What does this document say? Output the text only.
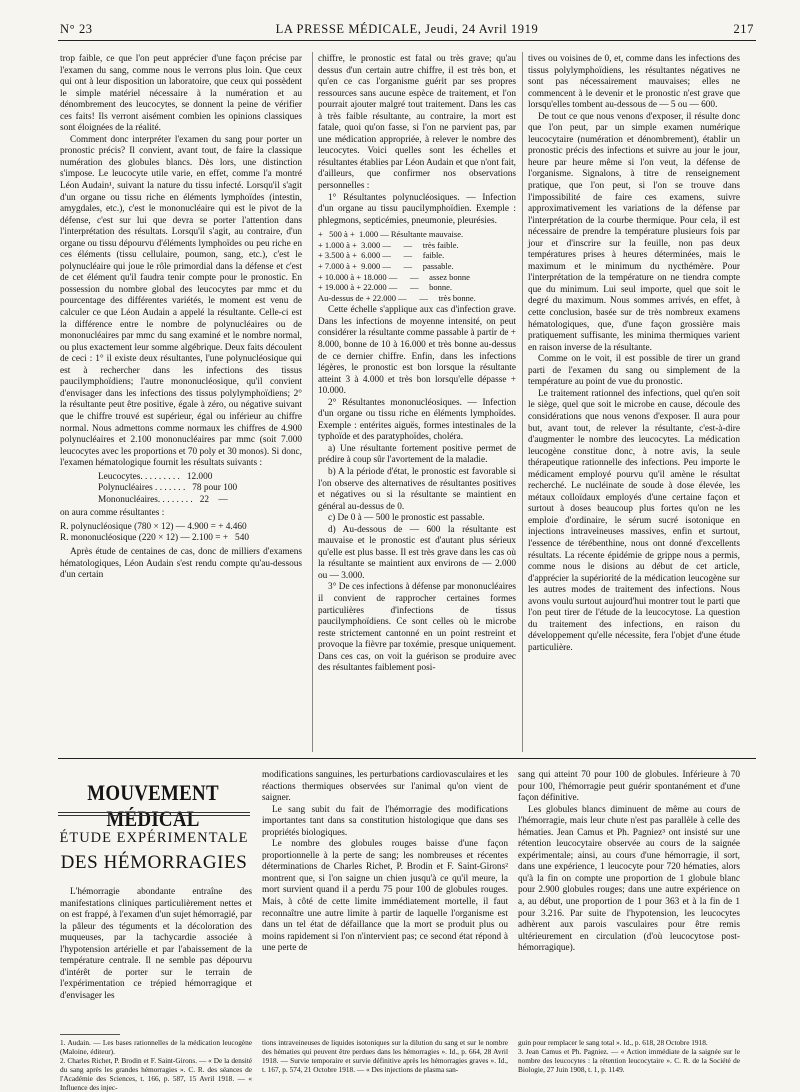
N° 23	LA PRESSE MÉDICALE, Jeudi, 24 Avril 1919	217

trop faible, ce que l'on peut apprécier d'une façon précise par l'examen du sang, comme nous le verrons plus loin. Que ceux qui ont à leur disposition un laboratoire, que ceux qui possèdent le simple matériel nécessaire à la numération et au dénombrement des leucocytes, se donnent la peine de vérifier ces faits! Ils verront aisément combien les opinions classiques sont éloignées de la réalité.

Comment donc interpréter l'examen du sang pour porter un pronostic précis? Il convient, avant tout, de faire la classique numération des globules blancs. Dès lors, une distinction s'impose. Le leucocyte utile varie, en effet, comme l'a montré Léon Audain¹, suivant la nature du tissu infecté. Lorsqu'il s'agit d'un organe ou tissu riche en éléments lymphoïdes (intestin, amygdales, etc.), c'est le mononucléaire qui est le pivot de la défense, c'est sur lui que devra se porter l'attention dans l'interprétation des résultats. Lorsqu'il s'agit, au contraire, d'un organe ou tissu dépourvu d'éléments lymphoïdes ou peu riche en ces éléments (tissu cellulaire, poumon, sang, etc.), c'est le polynucléaire qui joue le rôle primordial dans la défense et c'est de cet élément qu'il faudra tenir compte pour le pronostic. En possession du nombre global des leucocytes par mmc et du pourcentage des différentes variétés, le moment est venu de calculer ce que Léon Audain a appelé la résultante. Celle-ci est la différence entre le nombre de polynucléaires ou de mononucléaires par mmc du sang examiné et le nombre normal, ou plus exactement leur somme algébrique. Deux faits découlent de ceci : 1° il existe deux résultantes, l'une polynucléosique qui est à rechercher dans les infections des tissus paucilymphoïdiens; l'autre mononucléosique, qu'il convient d'envisager dans les infections des tissus polylymphoïdiens; 2° la résultante peut être positive, égale à zéro, ou négative suivant que le chiffre trouvé est supérieur, égal ou inférieur au chiffre normal. Nous admettons comme normaux les chiffres de 4.900 polynucléaires et 2.100 mononucléaires par mmc (soit 7.000 leucocytes avec les proportions et 70 poly et 30 monos). Si donc, l'examen hématologique fournit les résultats suivants :

Leucocytes. . . . . . . . .   12.000
Polynucléaires . . . . . . .   78 pour 100
Mononucléaires. . . . . . . .   22    —

on aura comme résultantes :

R. polynucléosique (780 × 12) — 4.900 = + 4.460
R. mononucléosique (220 × 12) — 2.100 = +   540

Après étude de centaines de cas, donc de milliers d'examens hématologiques, Léon Audain s'est rendu compte qu'au-dessous d'un certain

chiffre, le pronostic est fatal ou très grave; qu'au dessus d'un certain autre chiffre, il est très bon, et qu'en ce cas l'organisme guérit par ses propres ressources sans aucune espèce de traitement, et l'on pourrait ajouter malgré tout traitement. Dans les cas à très faible résultante, au contraire, la mort est fatale, quoi qu'on fasse, si l'on ne parvient pas, par une médication appropriée, à relever le nombre des leucocytes. Voici quelles sont les échelles et résultantes établies par Léon Audain et que n'ont fait, d'ailleurs, que confirmer nos observations personnelles :

1° Résultantes polynucléosiques. — Infection d'un organe au tissu paucilymphoïdien. Exemple : phlegmons, septicémies, pneumonie, pleurésies.

+   500 à +  1.000 — Résultante mauvaise.
+ 1.000 à +  3.000 —      —     très faible.
+ 3.500 à +  6.000 —      —     faible.
+ 7.000 à +  9.000 —      —     passable.
+ 10.000 à + 18.000 —      —     assez bonne
+ 19.000 à + 22.000 —      —     bonne.
Au-dessus de + 22.000 —      —     très bonne.

Cette échelle s'applique aux cas d'infection grave. Dans les infections de moyenne intensité, on peut considérer la résultante comme passable à partir de + 8.000, bonne de 10 à 16.000 et très bonne au-dessus de ce dernier chiffre. Enfin, dans les infections légères, le pronostic est bon lorsque la résultante atteint 3 à 4.000 et très bon lorsqu'elle dépasse + 10.000.

2° Résultantes mononucléosiques. — Infection d'un organe ou tissu riche en éléments lymphoïdes. Exemple : entérites aiguës, formes intestinales de la typhoïde et des paratyphoïdes, choléra.

a) Une résultante fortement positive permet de prédire à coup sûr l'avortement de la maladie.

b) A la période d'état, le pronostic est favorable si l'on observe des alternatives de résultantes positives et négatives ou si la résultante se maintient en général au-dessus de 0.

c) De 0 à — 500 le pronostic est passable.

d) Au-dessous de — 600 la résultante est mauvaise et le pronostic est d'autant plus sérieux qu'elle est plus basse. Il est très grave dans les cas où la résultante se maintient aux environs de — 2.000 ou — 3.000.

3° De ces infections à défense par mononucléaires il convient de rapprocher certaines formes particulières d'infections de tissus paucilymphoïdiens. Ce sont celles où le microbe reste strictement cantonné en un point restreint et provoque la fièvre par toxémie, presque uniquement. Dans ces cas, on voit la guérison se produire avec des résultantes faiblement posi-

tives ou voisines de 0, et, comme dans les infections des tissus polylymphoïdiens, les résultantes négatives ne sont pas nécessairement mauvaises; elles ne commencent à le devenir et le pronostic n'est grave que lorsqu'elles tombent au-dessous de — 5 ou — 600.

De tout ce que nous venons d'exposer, il résulte donc que l'on peut, par un simple examen numérique leucocytaire (numération et dénombrement), établir un pronostic précis des infections et suivre au jour le jour, heure par heure même si l'on veut, la défense de l'organisme. Signalons, à titre de renseignement pratique, que l'on peut, si l'on se trouve dans l'impossibilité de faire ces examens, suivre approximativement les variations de la défense par l'interprétation de la courbe thermique. Pour cela, il est nécessaire de prendre la température plusieurs fois par jour et d'inscrire sur la feuille, non pas deux températures prises à heures déterminées, mais le maximum et le minimum du nycthémère. Pour l'interprétation de la température on ne tiendra compte que du minimum. Lui seul importe, quel que soit le degré du maximum. Nous sommes arrivés, en effet, à cette conclusion, basée sur de très nombreux examens hématologiques, que, d'une façon grossière mais pratiquement suffisante, les minima thermiques varient en raison inverse de la résultante.

Comme on le voit, il est possible de tirer un grand parti de l'examen du sang ou simplement de la température au point de vue du pronostic.

Le traitement rationnel des infections, quel qu'en soit le siège, quel que soit le microbe en cause, découle des considérations que nous venons d'exposer. Il aura pour but, avant tout, de relever la résultante, c'est-à-dire d'augmenter le nombre des leucocytes. La médication leucogène constitue donc, à notre avis, la seule thérapeutique rationnelle des infections. Peu importe le médicament employé pourvu qu'il amène le résultat recherché. Le nucléinate de soude à dose élevée, les métaux colloïdaux employés d'une certaine façon et surtout à doses beaucoup plus fortes qu'on ne les emploie d'ordinaire, le sérum sucré isotonique en injections intraveineuses massives, enfin et surtout, l'essence de térébenthine, nous ont donné d'excellents résultats. La récente épidémie de grippe nous a permis, comme nous le disions au début de cet article, d'apprécier la supériorité de la médication leucogène sur les autres modes de traitement des infections. Nous avons voulu surtout aujourd'hui montrer tout le parti que l'on peut tirer de l'étude de la leucocytose. La question du traitement des infections, en raison du développement qu'elle nécessite, fera l'objet d'une étude particulière.

MOUVEMENT MÉDICAL
ÉTUDE EXPÉRIMENTALE
DES HÉMORRAGIES

L'hémorragie abondante entraîne des manifestations cliniques particulièrement nettes et on est frappé, à l'examen d'un sujet hémorragié, par la pâleur des téguments et la décoloration des muqueuses, par la tachycardie associée à l'hypotension artérielle et par l'abaissement de la température centrale. Il ne semble pas dépourvu d'intérêt de porter sur le terrain de l'expérimentation ce trépied hémorragique et d'envisager les

modifications sanguines, les perturbations cardiovasculaires et les réactions thermiques observées sur l'animal qu'on vient de saigner.

Le sang subit du fait de l'hémorragie des modifications importantes tant dans sa constitution histologique que dans ses propriétés biologiques.

Le nombre des globules rouges baisse d'une façon proportionnelle à la perte de sang; les nombreuses et récentes déterminations de Charles Richet, P. Brodin et F. Saint-Girons² montrent que, si l'on saigne un chien jusqu'à ce qu'il meure, la mort survient quand il a perdu 75 pour 100 de globules rouges. Mais, à côté de cette limite immédiatement mortelle, il faut reconnaître une autre limite à partir de laquelle l'organisme est dans un tel état de défaillance que la mort se produit plus ou moins rapidement si l'on n'intervient pas; ce second état répond à une perte de

sang qui atteint 70 pour 100 de globules. Inférieure à 70 pour 100, l'hémorragie peut guérir spontanément et d'une façon définitive.

Les globules blancs diminuent de même au cours de l'hémorragie, mais leur chute n'est pas parallèle à celle des hématies. Jean Camus et Ph. Pagniez³ ont insisté sur une rétention leucocytaire observée au cours de la saignée expérimentale; ainsi, au cours d'une hémorragie, il sort, dans une expérience, 1 leucocyte pour 720 hématies, alors qu'à la fin on compte une proportion de 1 globule blanc pour 2.900 globules rouges; dans une autre expérience on a, au début, une proportion de 1 pour 363 et à la fin de 1 pour 3.216. Par suite de l'hypotension, les leucocytes adhèrent aux parois vasculaires pour être remis ultérieurement en circulation (d'où leucocytose post-hémorragique).

1. Audain. — Les bases rationnelles de la médication leucogène (Maloine, éditeur).
2. Charles Richet, P. Brodin et F. Saint-Girons. — « De la densité du sang après les grandes hémorragies ». C. R. des séances de l'Académie des Sciences, t. 166, p. 587, 15 Avril 1918. — « Influence des injec-
tions intraveineuses de liquides isotoniques sur la dilution du sang et sur le nombre des hématies qui peuvent être perdues dans les hémorragies ». Id., p. 664, 28 Avril 1918. — Survie temporaire et survie définitive après les hémorragies graves ». Id., t. 167, p. 574, 21 Octobre 1918. — « Des injections de plasma san-
guin pour remplacer le sang total ». Id., p. 618, 28 Octobre 1918.
3. Jean Camus et Ph. Pagniez. — « Action immédiate de la saignée sur le nombre des leucocytes : la rétention leucocytaire ». C. R. de la Société de Biologie, 27 Juin 1908, t. 1, p. 1149.
